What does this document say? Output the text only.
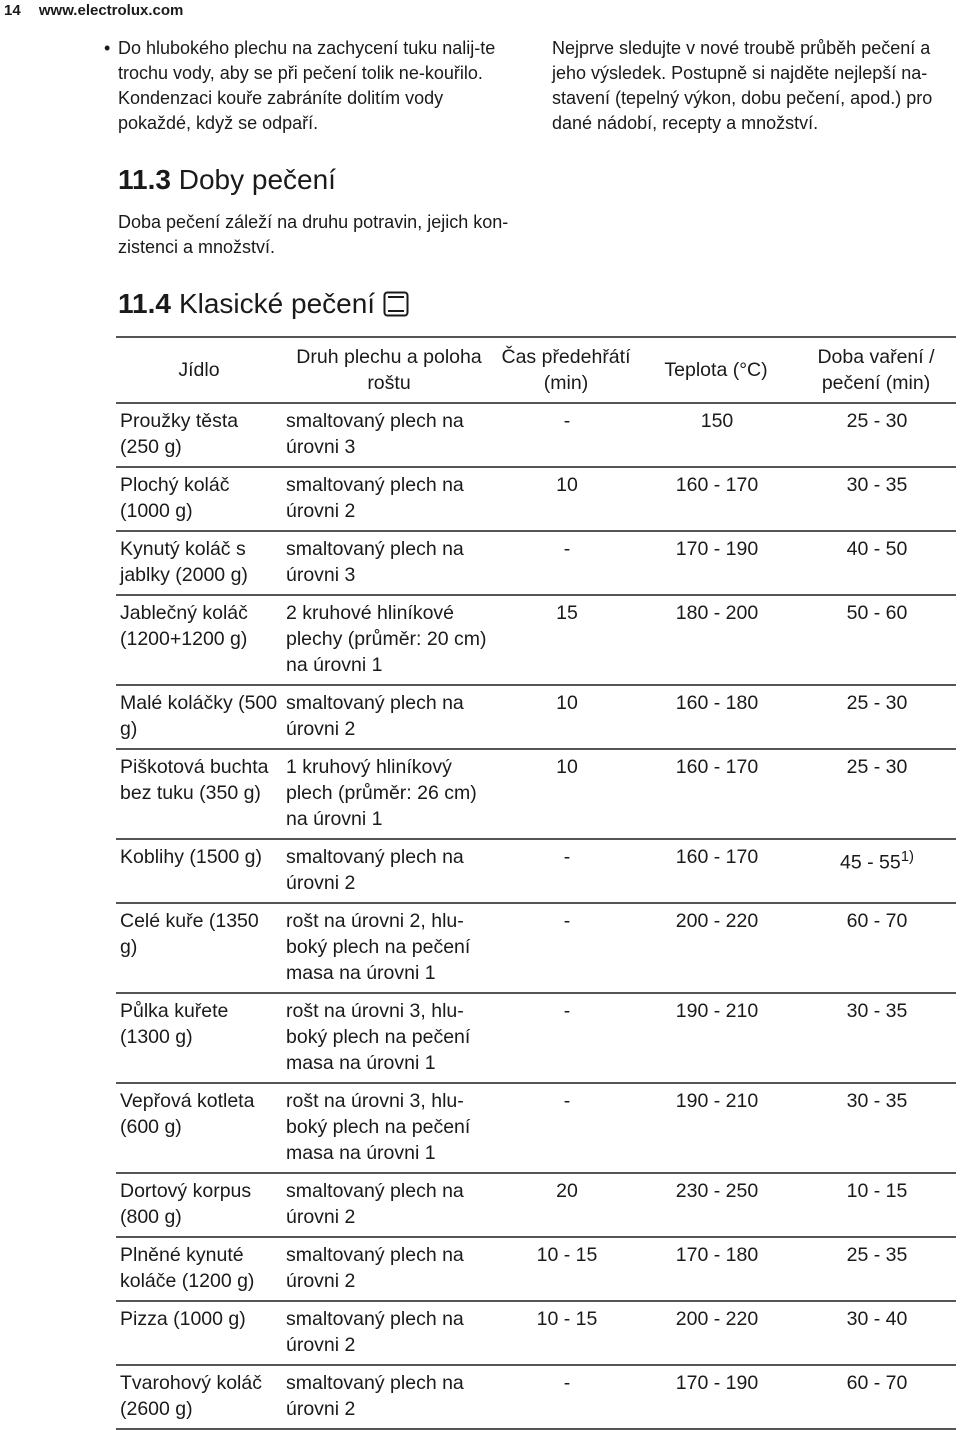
14 www.electrolux.com
• Do hlubokého plechu na zachycení tuku nalij-te trochu vody, aby se při pečení tolik ne-kouřilo. Kondenzaci kouře zabráníte dolitím vody pokaždé, když se odpaří.
Nejprve sledujte v nové troubě průběh pečení a jeho výsledek. Postupně si najděte nejlepší na-stavení (tepelný výkon, dobu pečení, apod.) pro dané nádobí, recepty a množství.
11.3 Doby pečení
Doba pečení záleží na druhu potravin, jejich kon-zistenci a množství.
11.4 Klasické pečení
Jídlo	Druh plechu a poloha roštu	Čas předehřátí (min)	Teplota (°C)	Doba vaření / pečení (min)
Proužky těsta (250 g)	smaltovaný plech na úrovni 3	-	150	25 - 30
Plochý koláč (1000 g)	smaltovaný plech na úrovni 2	10	160 - 170	30 - 35
Kynutý koláč s jablky (2000 g)	smaltovaný plech na úrovni 3	-	170 - 190	40 - 50
Jablečný koláč (1200+1200 g)	2 kruhové hliníkové plechy (průměr: 20 cm) na úrovni 1	15	180 - 200	50 - 60
Malé koláčky (500 g)	smaltovaný plech na úrovni 2	10	160 - 180	25 - 30
Piškotová buchta bez tuku (350 g)	1 kruhový hliníkový plech (průměr: 26 cm) na úrovni 1	10	160 - 170	25 - 30
Koblihy (1500 g)	smaltovaný plech na úrovni 2	-	160 - 170	45 - 55$^{1)}$
Celé kuře (1350 g)	rošt na úrovni 2, hlu-boký plech na pečení masa na úrovni 1	-	200 - 220	60 - 70
Půlka kuřete (1300 g)	rošt na úrovni 3, hlu-boký plech na pečení masa na úrovni 1	-	190 - 210	30 - 35
Vepřová kotleta (600 g)	rošt na úrovni 3, hlu-boký plech na pečení masa na úrovni 1	-	190 - 210	30 - 35
Dortový korpus (800 g)	smaltovaný plech na úrovni 2	20	230 - 250	10 - 15
Plněné kynuté koláče (1200 g)	smaltovaný plech na úrovni 2	10 - 15	170 - 180	25 - 35
Pizza (1000 g)	smaltovaný plech na úrovni 2	10 - 15	200 - 220	30 - 40
Tvarohový koláč (2600 g)	smaltovaný plech na úrovni 2	-	170 - 190	60 - 70
